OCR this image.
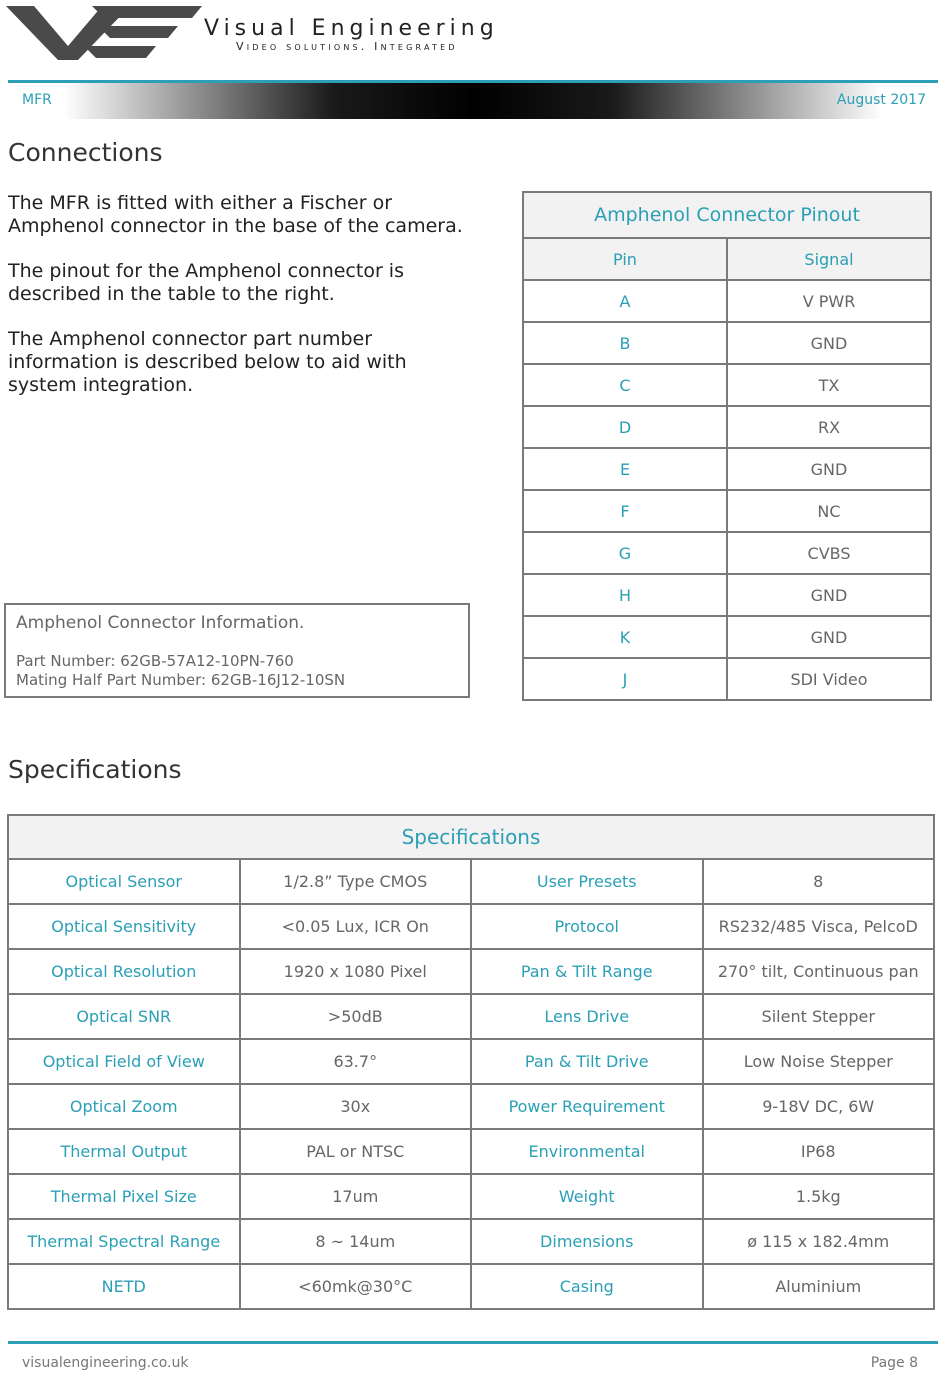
Visual Engineering
Video solutions. Integrated
MFR	August 2017
Connections

The MFR is fitted with either a Fischer or Amphenol connector in the base of the camera.

The pinout for the Amphenol connector is described in the table to the right.

The Amphenol connector part number information is described below to aid with system integration.

Amphenol Connector Information.
Part Number: 62GB-57A12-10PN-760
Mating Half Part Number: 62GB-16J12-10SN
Amphenol Connector Pinout	
Pin	Signal
A	V PWR
B	GND
C	TX
D	RX
E	GND
F	NC
G	CVBS
H	GND
K	GND
J	SDI Video
Specifications
Specifications			
Optical Sensor	1/2.8” Type CMOS	User Presets	8
Optical Sensitivity	<0.05 Lux, ICR On	Protocol	RS232/485 Visca, PelcoD
Optical Resolution	1920 x 1080 Pixel	Pan & Tilt Range	270° tilt, Continuous pan
Optical SNR	>50dB	Lens Drive	Silent Stepper
Optical Field of View	63.7°	Pan & Tilt Drive	Low Noise Stepper
Optical Zoom	30x	Power Requirement	9-18V DC, 6W
Thermal Output	PAL or NTSC	Environmental	IP68
Thermal Pixel Size	17um	Weight	1.5kg
Thermal Spectral Range	8 ~ 14um	Dimensions	ø 115 x 182.4mm
NETD	<60mk@30°C	Casing	Aluminium
visualengineering.co.uk	Page 8
